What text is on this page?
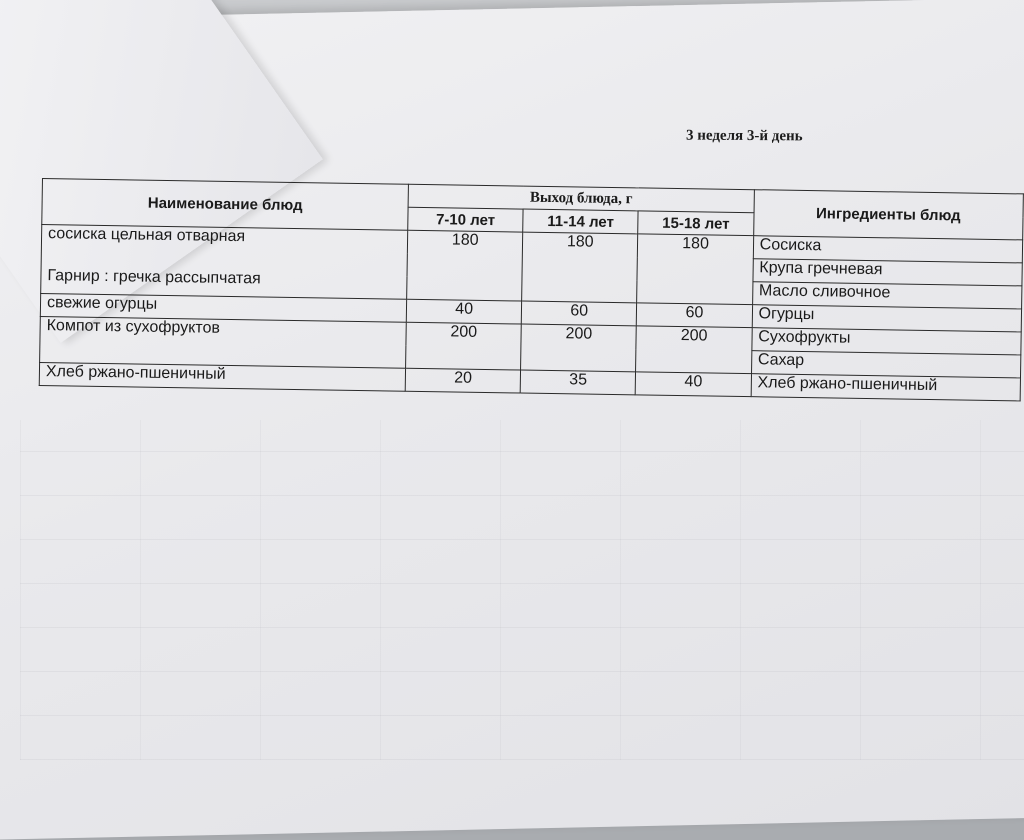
3 неделя 3-й день
Наименование блюд	Выход блюда, г			Ингредиенты блюд
	7-10 лет	11-14 лет	15-18 лет	
сосиска цельная отварная
Гарнир : гречка рассыпчатая	180	180	180	Сосиска
				Крупа гречневая
				Масло сливочное
свежие огурцы	40	60	60	Огурцы
Компот из сухофруктов	200	200	200	Сухофрукты
				Сахар
Хлеб ржано-пшеничный	20	35	40	Хлеб ржано-пшеничный
